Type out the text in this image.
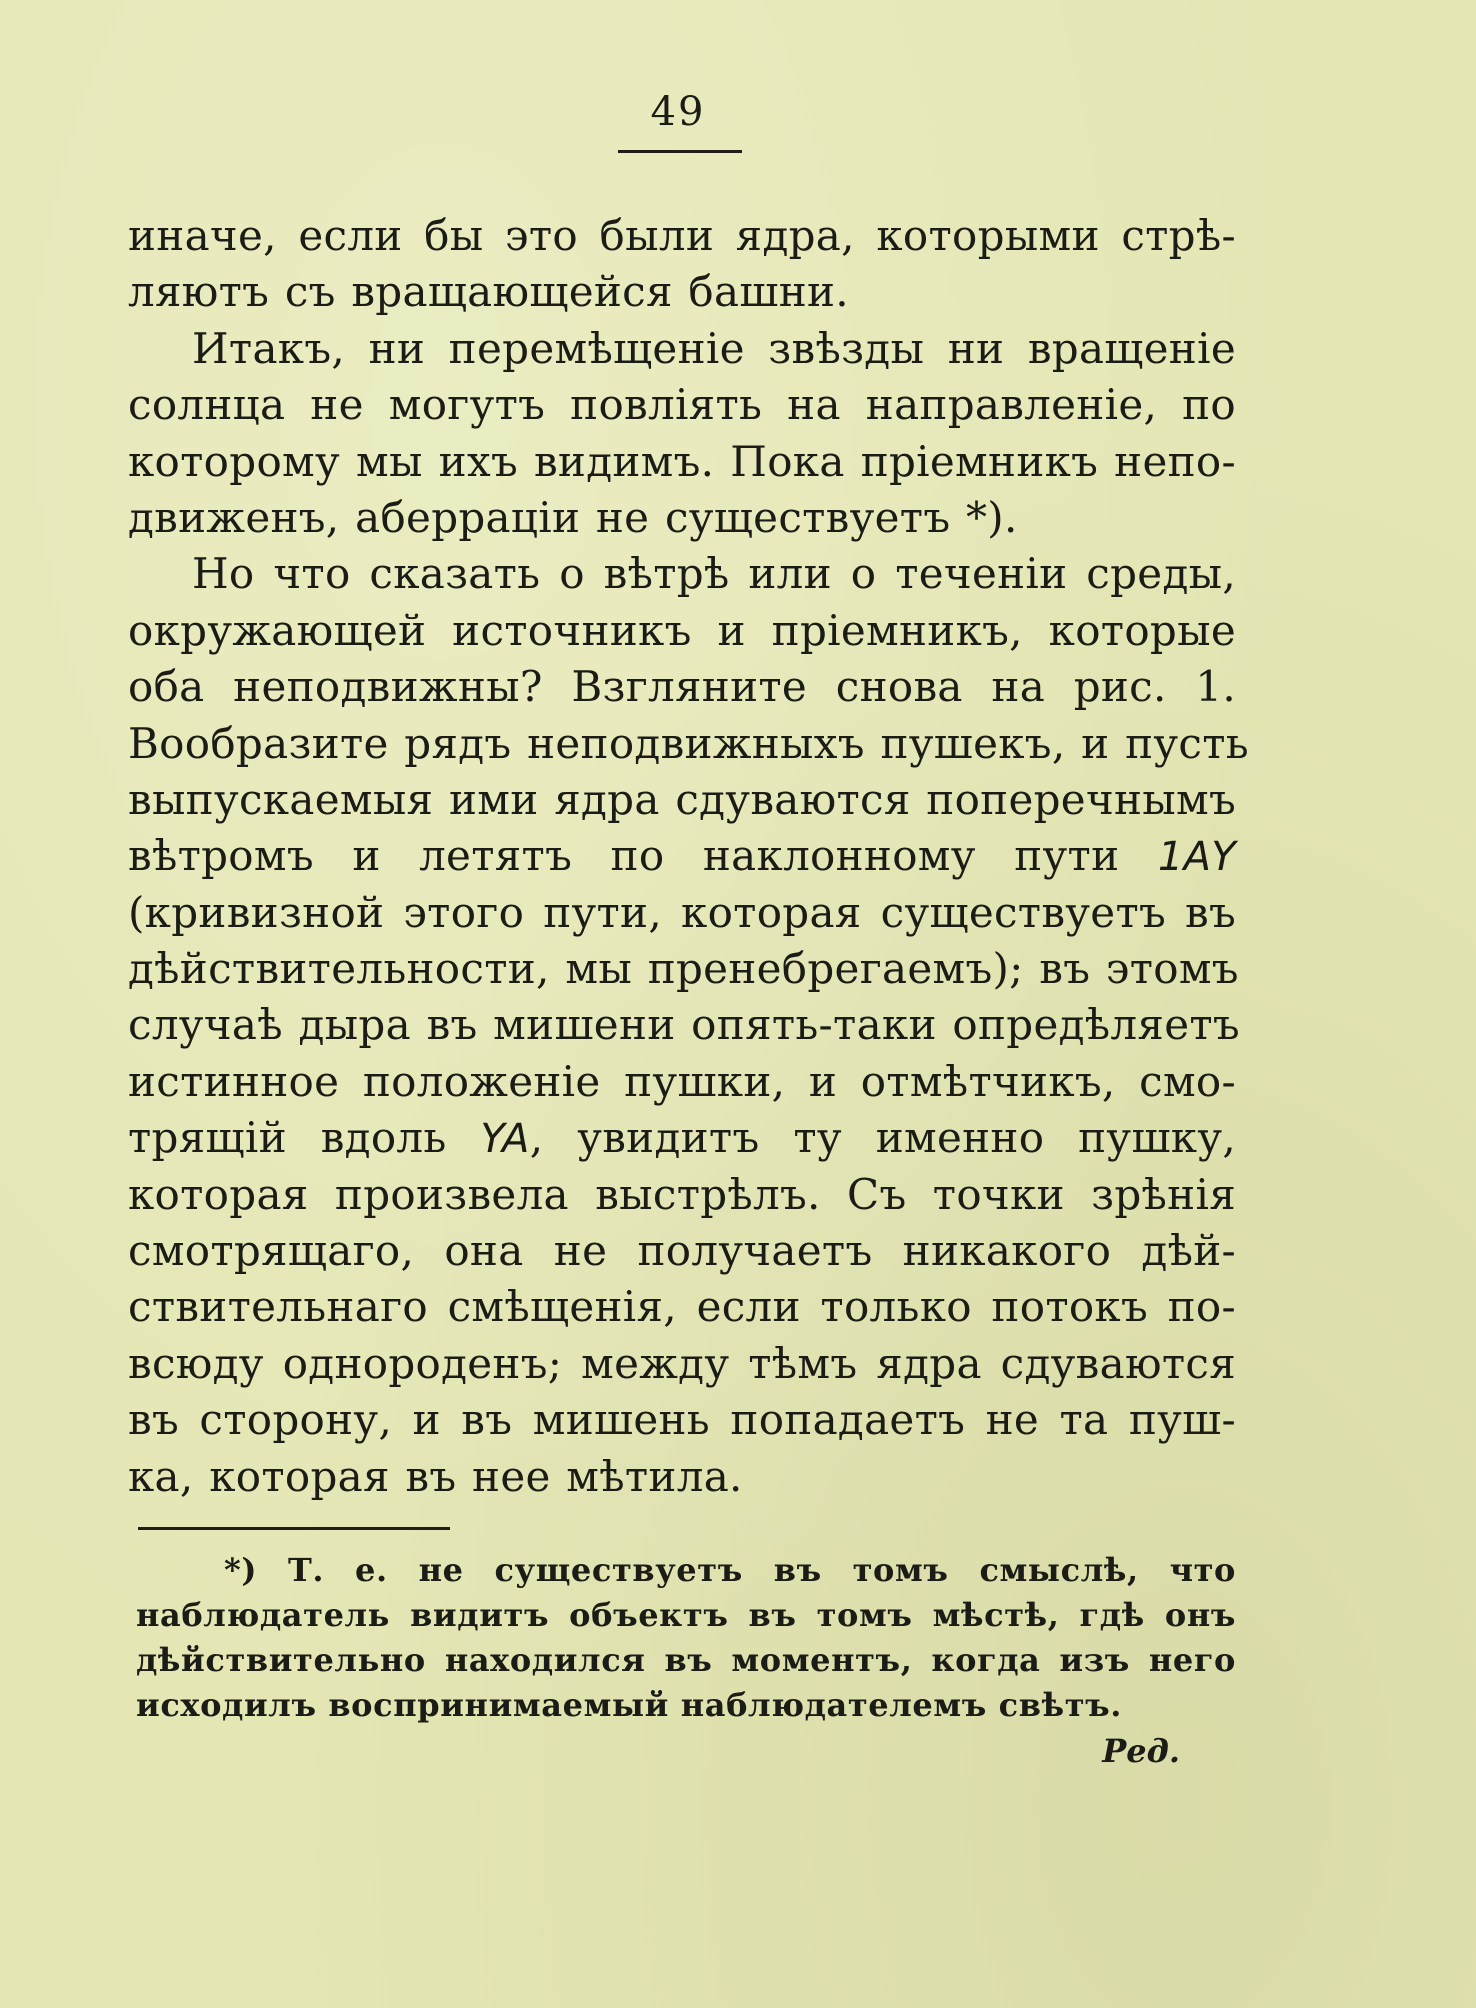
49
иначе, если бы это были ядра, которыми стрѣ-
ляютъ съ вращающейся башни.
Итакъ, ни перемѣщеніе звѣзды ни вращеніе
солнца не могутъ повліять на направленіе, по
которому мы ихъ видимъ. Пока пріемникъ непо-
движенъ, аберраціи не существуетъ *).
Но что сказать о вѣтрѣ или о теченіи среды,
окружающей источникъ и пріемникъ, которые
оба неподвижны? Взгляните снова на рис. 1.
Вообразите рядъ неподвижныхъ пушекъ, и пусть
выпускаемыя ими ядра сдуваются поперечнымъ
вѣтромъ и летятъ по наклонному пути 1AY
(кривизной этого пути, которая существуетъ въ
дѣйствительности, мы пренебрегаемъ); въ этомъ
случаѣ дыра въ мишени опять-таки опредѣляетъ
истинное положеніе пушки, и отмѣтчикъ, смо-
трящій вдоль YA, увидитъ ту именно пушку,
которая произвела выстрѣлъ. Съ точки зрѣнія
смотрящаго, она не получаетъ никакого дѣй-
ствительнаго смѣщенія, если только потокъ по-
всюду однороденъ; между тѣмъ ядра сдуваются
въ сторону, и въ мишень попадаетъ не та пуш-
ка, которая въ нее мѣтила.
*) Т. е. не существуетъ въ томъ смыслѣ, что
наблюдатель видитъ объектъ въ томъ мѣстѣ, гдѣ онъ
дѣйствительно находился въ моментъ, когда изъ него
исходилъ воспринимаемый наблюдателемъ свѣтъ.
Ред.
